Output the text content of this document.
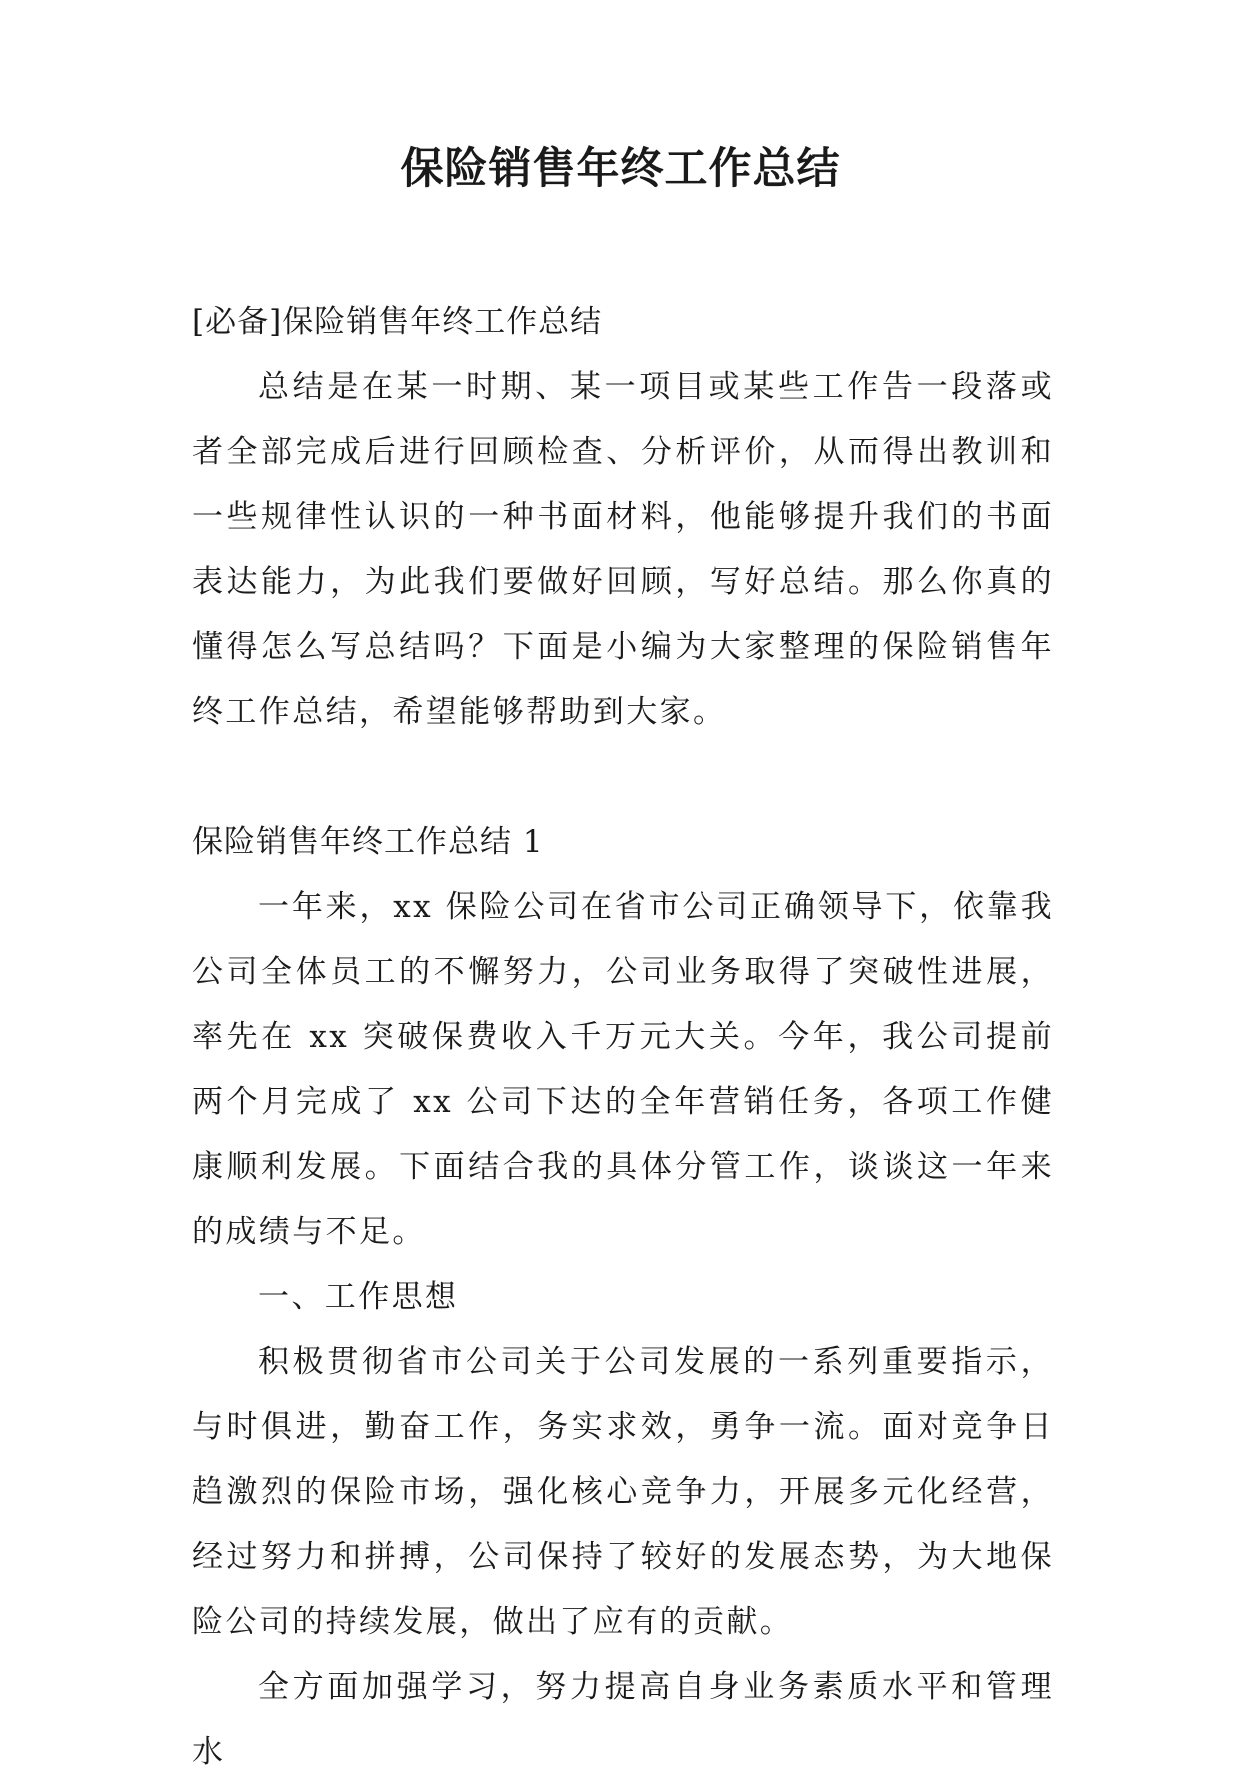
保险销售年终工作总结

[必备]保险销售年终工作总结

总结是在某一时期、某一项目或某些工作告一段落或者全部完成后进行回顾检查、分析评价，从而得出教训和一些规律性认识的一种书面材料，他能够提升我们的书面表达能力，为此我们要做好回顾，写好总结。那么你真的懂得怎么写总结吗？下面是小编为大家整理的保险销售年终工作总结，希望能够帮助到大家。

保险销售年终工作总结 1

一年来，xx 保险公司在省市公司正确领导下，依靠我公司全体员工的不懈努力，公司业务取得了突破性进展，率先在 xx 突破保费收入千万元大关。今年，我公司提前两个月完成了 xx 公司下达的全年营销任务，各项工作健康顺利发展。下面结合我的具体分管工作，谈谈这一年来的成绩与不足。

一、工作思想

积极贯彻省市公司关于公司发展的一系列重要指示，与时俱进，勤奋工作，务实求效，勇争一流。面对竞争日趋激烈的保险市场，强化核心竞争力，开展多元化经营，经过努力和拼搏，公司保持了较好的发展态势，为大地保险公司的持续发展，做出了应有的贡献。

全方面加强学习，努力提高自身业务素质水平和管理水
